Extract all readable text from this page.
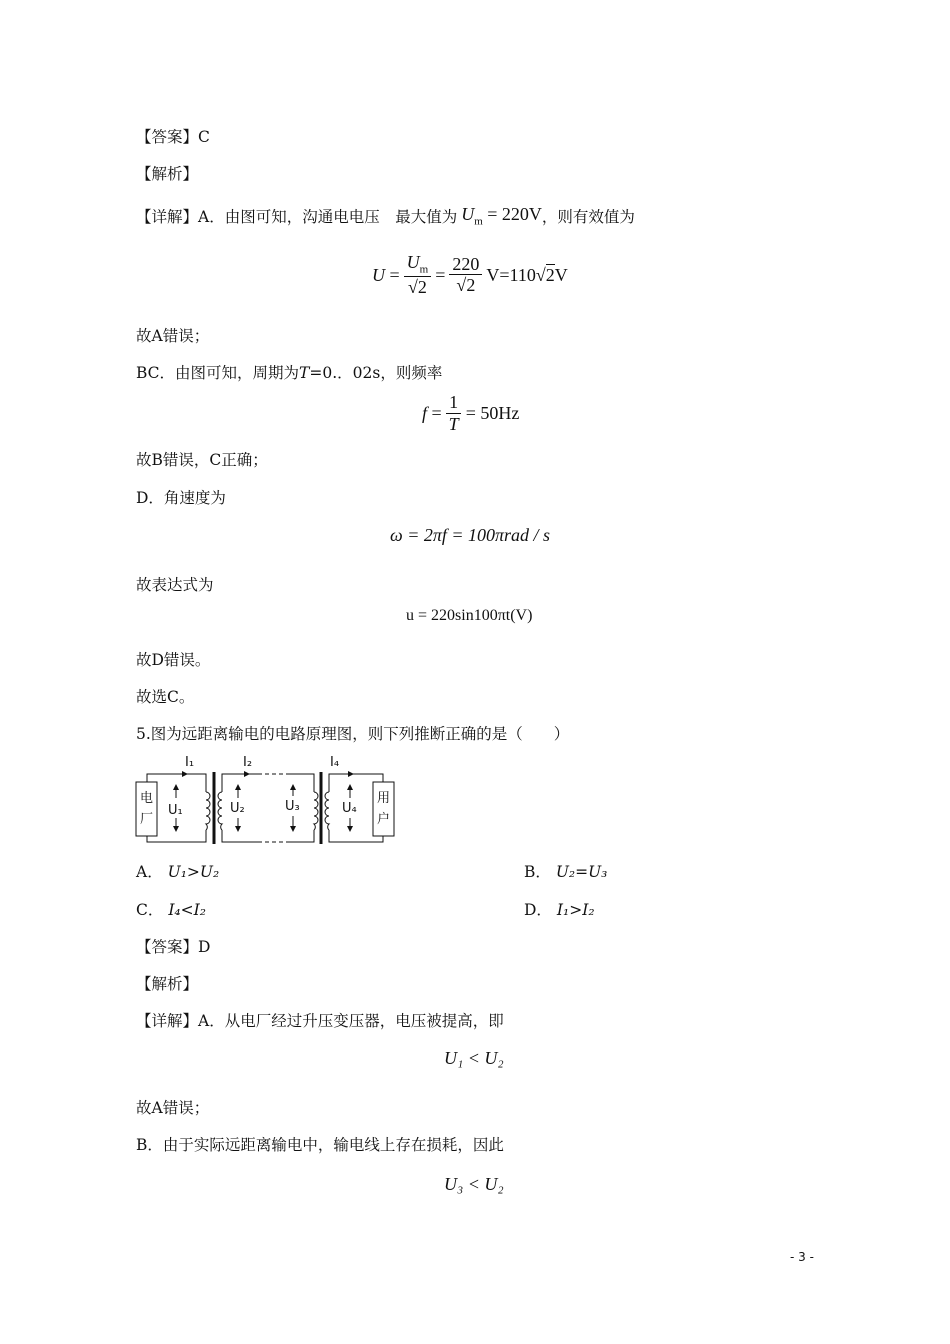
【答案】C
【解析】
【详解】A．由图可知，沟通电电压　最大值为 $U_m = 220V$ ，则有效值为
$U = \frac{U_m}{√2} = \frac{220}{√2} V=110$ √ 2 V
故A错误；
BC．由图可知，周期为T=0.．02s，则频率
$f = \frac{1}{T} = 50Hz$
故B错误，C正确；
D．角速度为
ω = 2πf = 100πrad / s
故表达式为
u = 220sin100πt(V)
故D错误。
故选C。
5.图为远距离输电的电路原理图，则下列推断正确的是（　　）
电
厂
用
户
I₁	I₂	I₄
U₁	U₂	U₃	U₄
A． U₁>U₂	B． U₂=U₃
C． I₄<I₂	D． I₁>I₂
【答案】D
【解析】
【详解】A．从电厂经过升压变压器，电压被提高，即
U₁ < U₂
故A错误；
B．由于实际远距离输电中，输电线上存在损耗，因此
U₃ < U₂
- 3 -
